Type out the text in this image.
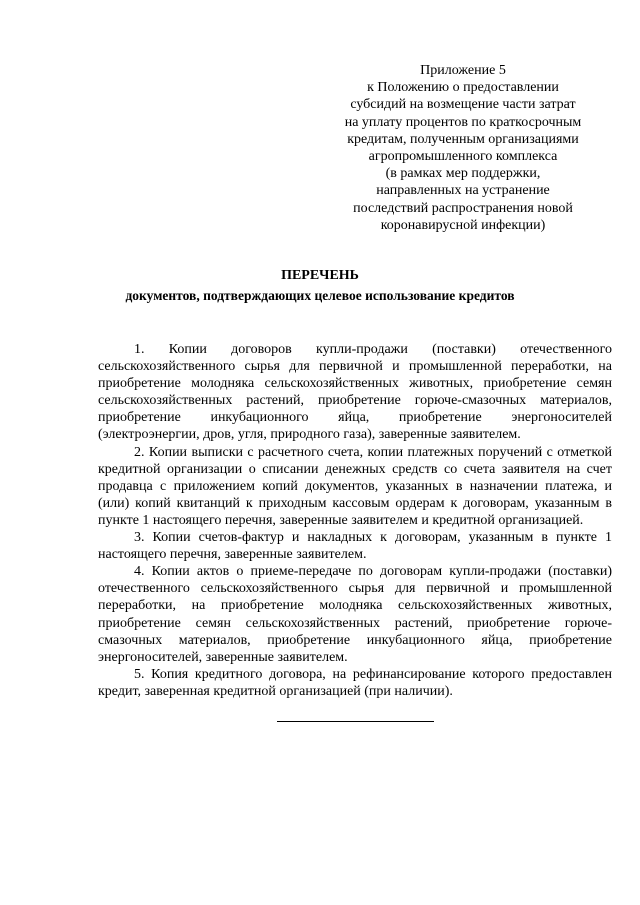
Приложение 5
к Положению о предоставлении
субсидий на возмещение части затрат
на уплату процентов по краткосрочным
кредитам, полученным организациями
агропромышленного комплекса
(в рамках мер поддержки,
направленных на устранение
последствий распространения новой
коронавирусной инфекции)
ПЕРЕЧЕНЬ
документов, подтверждающих целевое использование кредитов

1. Копии договоров купли-продажи (поставки) отечественного сельскохозяйственного сырья для первичной и промышленной переработки, на приобретение молодняка сельскохозяйственных животных, приобретение семян сельскохозяйственных растений, приобретение горюче-смазочных материалов, приобретение инкубационного яйца, приобретение энергоносителей (электроэнергии, дров, угля, природного газа), заверенные заявителем.

2. Копии выписки с расчетного счета, копии платежных поручений с отметкой кредитной организации о списании денежных средств со счета заявителя на счет продавца с приложением копий документов, указанных в назначении платежа, и (или) копий квитанций к приходным кассовым ордерам к договорам, указанным в пункте 1 настоящего перечня, заверенные заявителем и кредитной организацией.

3. Копии счетов-фактур и накладных к договорам, указанным в пункте 1 настоящего перечня, заверенные заявителем.

4. Копии актов о приеме-передаче по договорам купли-продажи (поставки) отечественного сельскохозяйственного сырья для первичной и промышленной переработки, на приобретение молодняка сельскохозяйственных животных, приобретение семян сельскохозяйственных растений, приобретение горюче-смазочных материалов, приобретение инкубационного яйца, приобретение энергоносителей, заверенные заявителем.

5. Копия кредитного договора, на рефинансирование которого предоставлен кредит, заверенная кредитной организацией (при наличии).
